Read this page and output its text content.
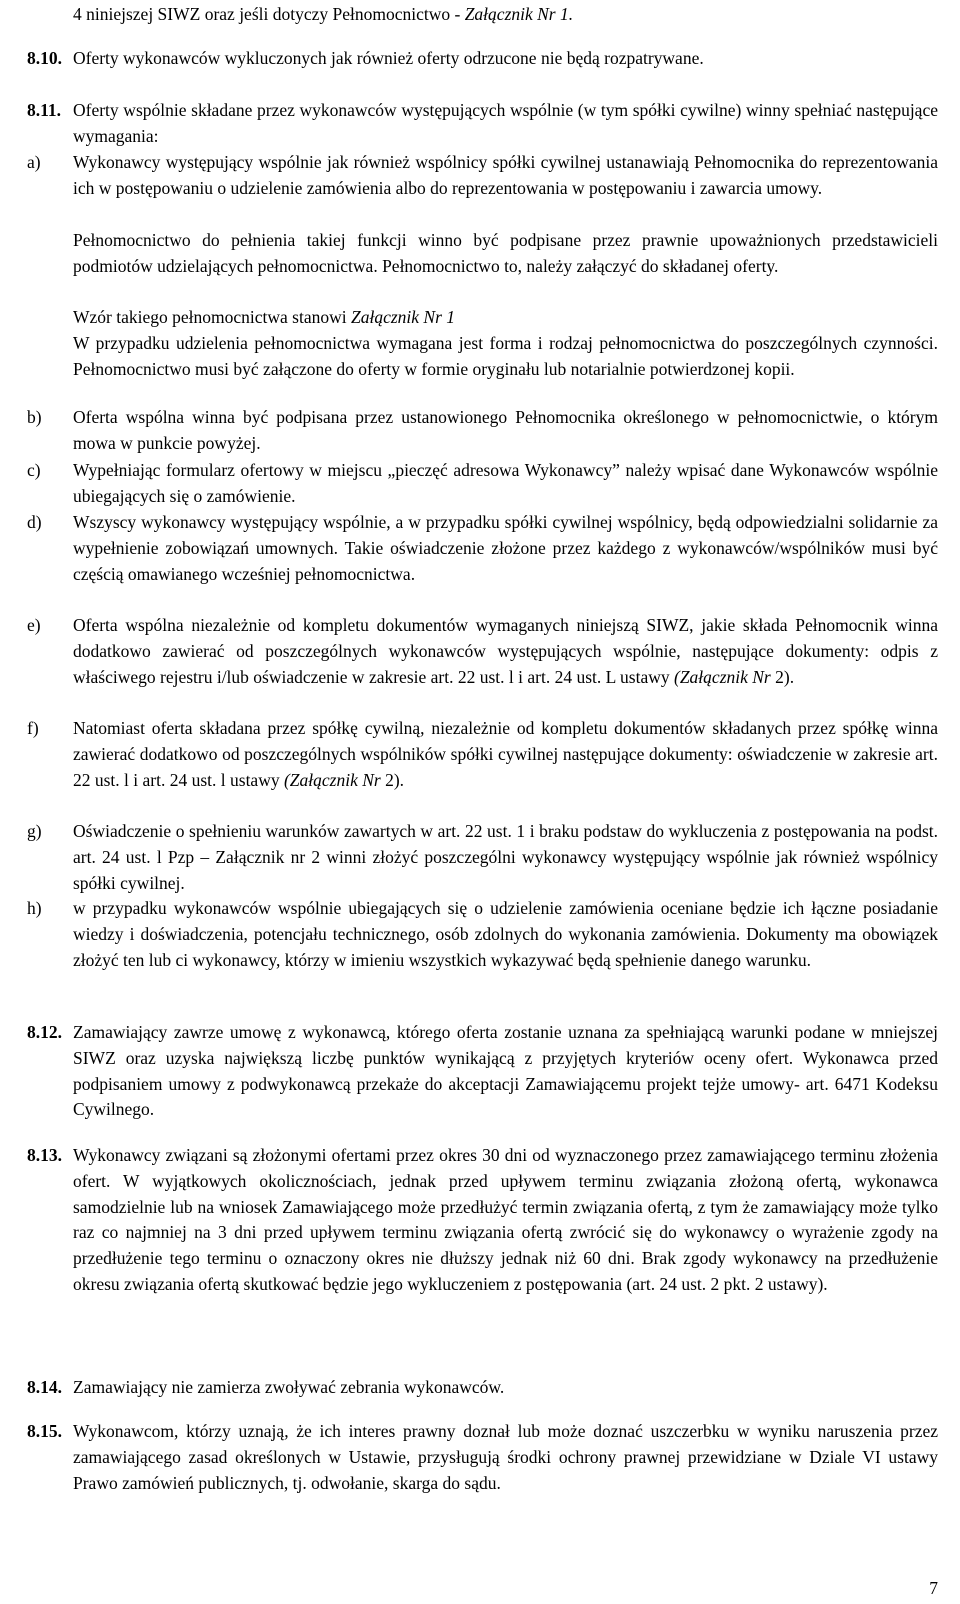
4 niniejszej SIWZ oraz jeśli dotyczy Pełnomocnictwo - Załącznik Nr 1.
8.10. Oferty wykonawców wykluczonych jak również oferty odrzucone nie będą rozpatrywane.
8.11. Oferty wspólnie składane przez wykonawców występujących wspólnie (w tym spółki cywilne) winny spełniać następujące wymagania:
a) Wykonawcy występujący wspólnie jak również wspólnicy spółki cywilnej ustanawiają Pełnomocnika do reprezentowania ich w postępowaniu o udzielenie zamówienia albo do reprezentowania w postępowaniu i zawarcia umowy.
Pełnomocnictwo do pełnienia takiej funkcji winno być podpisane przez prawnie upoważnionych przedstawicieli podmiotów udzielających pełnomocnictwa. Pełnomocnictwo to, należy załączyć do składanej oferty.
Wzór takiego pełnomocnictwa stanowi Załącznik Nr 1
W przypadku udzielenia pełnomocnictwa wymagana jest forma i rodzaj pełnomocnictwa do poszczególnych czynności. Pełnomocnictwo musi być załączone do oferty w formie oryginału lub notarialnie potwierdzonej kopii.
b) Oferta wspólna winna być podpisana przez ustanowionego Pełnomocnika określonego w pełnomocnictwie, o którym mowa w punkcie powyżej.
c) Wypełniając formularz ofertowy w miejscu „pieczęć adresowa Wykonawcy” należy wpisać dane Wykonawców wspólnie ubiegających się o zamówienie.
d) Wszyscy wykonawcy występujący wspólnie, a w przypadku spółki cywilnej wspólnicy, będą odpowiedzialni solidarnie za wypełnienie zobowiązań umownych. Takie oświadczenie złożone przez każdego z wykonawców/wspólników musi być częścią omawianego wcześniej pełnomocnictwa.
e) Oferta wspólna niezależnie od kompletu dokumentów wymaganych niniejszą SIWZ, jakie składa Pełnomocnik winna dodatkowo zawierać od poszczególnych wykonawców występujących wspólnie, następujące dokumenty: odpis z właściwego rejestru i/lub oświadczenie w zakresie art. 22 ust. l i art. 24 ust. L ustawy (Załącznik Nr 2).
f) Natomiast oferta składana przez spółkę cywilną, niezależnie od kompletu dokumentów składanych przez spółkę winna zawierać dodatkowo od poszczególnych wspólników spółki cywilnej następujące dokumenty: oświadczenie w zakresie art. 22 ust. l i art. 24 ust. l ustawy (Załącznik Nr 2).
g) Oświadczenie o spełnieniu warunków zawartych w art. 22 ust. 1 i braku podstaw do wykluczenia z postępowania na podst. art. 24 ust. l Pzp – Załącznik nr 2 winni złożyć poszczególni wykonawcy występujący wspólnie jak również wspólnicy spółki cywilnej.
h) w przypadku wykonawców wspólnie ubiegających się o udzielenie zamówienia oceniane będzie ich łączne posiadanie wiedzy i doświadczenia, potencjału technicznego, osób zdolnych do wykonania zamówienia. Dokumenty ma obowiązek złożyć ten lub ci wykonawcy, którzy w imieniu wszystkich wykazywać będą spełnienie danego warunku.
8.12. Zamawiający zawrze umowę z wykonawcą, którego oferta zostanie uznana za spełniającą warunki podane w mniejszej SIWZ oraz uzyska największą liczbę punktów wynikającą z przyjętych kryteriów oceny ofert. Wykonawca przed podpisaniem umowy z podwykonawcą przekaże do akceptacji Zamawiającemu projekt tejże umowy- art. 6471 Kodeksu Cywilnego.
8.13. Wykonawcy związani są złożonymi ofertami przez okres 30 dni od wyznaczonego przez zamawiającego terminu złożenia ofert. W wyjątkowych okolicznościach, jednak przed upływem terminu związania złożoną ofertą, wykonawca samodzielnie lub na wniosek Zamawiającego może przedłużyć termin związania ofertą, z tym że zamawiający może tylko raz co najmniej na 3 dni przed upływem terminu związania ofertą zwrócić się do wykonawcy o wyrażenie zgody na przedłużenie tego terminu o oznaczony okres nie dłuższy jednak niż 60 dni. Brak zgody wykonawcy na przedłużenie okresu związania ofertą skutkować będzie jego wykluczeniem z postępowania (art. 24 ust. 2 pkt. 2 ustawy).
8.14. Zamawiający nie zamierza zwoływać zebrania wykonawców.
8.15. Wykonawcom, którzy uznają, że ich interes prawny doznał lub może doznać uszczerbku w wyniku naruszenia przez zamawiającego zasad określonych w Ustawie, przysługują środki ochrony prawnej przewidziane w Dziale VI ustawy Prawo zamówień publicznych, tj. odwołanie, skarga do sądu.
7
